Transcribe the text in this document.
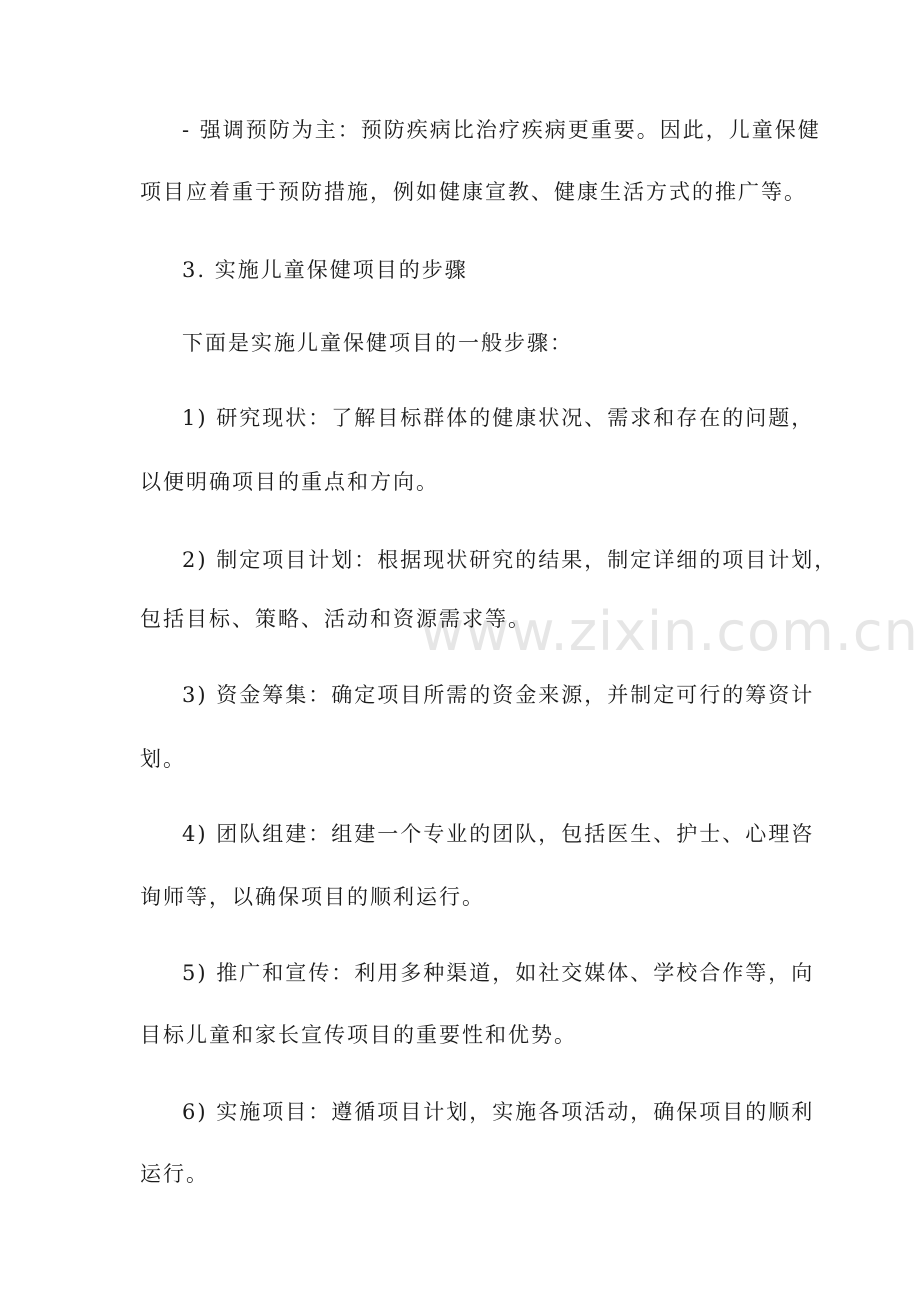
www.zixin.com.cn
- 强调预防为主：预防疾病比治疗疾病更重要。因此，儿童保健
项目应着重于预防措施，例如健康宣教、健康生活方式的推广等。
3. 实施儿童保健项目的步骤
下面是实施儿童保健项目的一般步骤：
1) 研究现状：了解目标群体的健康状况、需求和存在的问题，
以便明确项目的重点和方向。
2) 制定项目计划：根据现状研究的结果，制定详细的项目计划，
包括目标、策略、活动和资源需求等。
3) 资金筹集：确定项目所需的资金来源，并制定可行的筹资计
划。
4) 团队组建：组建一个专业的团队，包括医生、护士、心理咨
询师等，以确保项目的顺利运行。
5) 推广和宣传：利用多种渠道，如社交媒体、学校合作等，向
目标儿童和家长宣传项目的重要性和优势。
6) 实施项目：遵循项目计划，实施各项活动，确保项目的顺利
运行。
